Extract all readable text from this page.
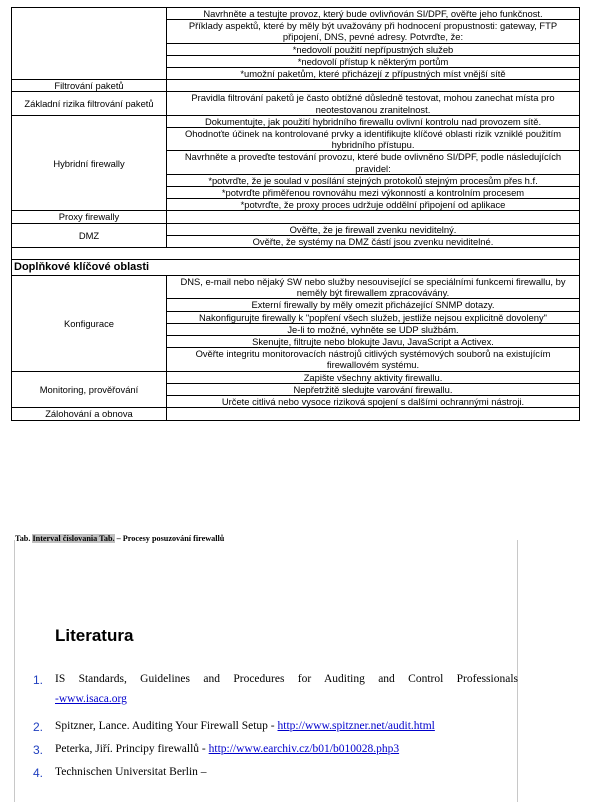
	Navrhněte a testujte provoz, který bude ovlivňován SI/DPF, ověřte jeho funkčnost.
	Příklady aspektů, které by měly být uvažovány při hodnocení propustnosti: gateway, FTP připojení, DNS, pevné adresy. Potvrďte, že:
	*nedovolí použití nepřípustných služeb
	*nedovolí přístup k některým portům
	*umožní paketům, které přicházejí z přípustných míst vnější sítě
Filtrování paketů	
Základní rizika filtrování paketů	Pravidla filtrování paketů je často obtížné důsledně testovat, mohou zanechat místa pro neotestovanou zranitelnost.
Hybridní firewally	Dokumentujte, jak použití hybridního firewallu ovlivní kontrolu nad provozem sítě.
	Ohodnoťte účinek na kontrolované prvky a identifikujte klíčové oblasti rizik vzniklé použitím hybridního přístupu.
	Navrhněte a proveďte testování provozu, které bude ovlivněno SI/DPF, podle následujících pravidel:
	*potvrďte, že je soulad v posílání stejných protokolů stejným procesům přes h.f.
	*potvrďte přiměřenou rovnováhu mezi výkonností a kontrolním procesem
	*potvrďte, že proxy proces udržuje oddělní připojení od aplikace
Proxy firewally	
DMZ	Ověřte, že je firewall zvenku neviditelný.
	Ověřte, že systémy na DMZ částí jsou zvenku neviditelné.

Doplňkové klíčové oblasti	
Konfigurace	DNS, e-mail nebo nějaký SW nebo služby nesouvisející se speciálními funkcemi firewallu, by neměly být firewallem zpracovávány.
	Externí firewally by měly omezit přicházející SNMP dotazy.
	Nakonfigurujte firewally k "popření všech služeb, jestliže nejsou explicitně dovoleny"
	Je-li to možné, vyhněte se UDP službám.
	Skenujte, filtrujte nebo blokujte Javu, JavaScript a Activex.
	Ověřte integritu monitorovacích nástrojů citlivých systémových souborů na existujícím firewallovém systému.
Monitoring, prověřování	Zapište všechny aktivity firewallu.
	Nepřetržitě sledujte varování firewallu.
	Určete citlivá nebo vysoce riziková spojení s dalšími ochrannými nástroji.
Zálohování a obnova	
Tab. Interval číslovania Tab. – Procesy posuzování firewallů
Literatura
1.	IS Standards, Guidelines and Procedures for Auditing and Control Professionals
-www.isaca.org
2.	Spitzner, Lance. Auditing Your Firewall Setup - http://www.spitzner.net/audit.html
3.	Peterka, Jiří. Principy firewallů - http://www.earchiv.cz/b01/b010028.php3
4.	Technischen Universitat Berlin –
